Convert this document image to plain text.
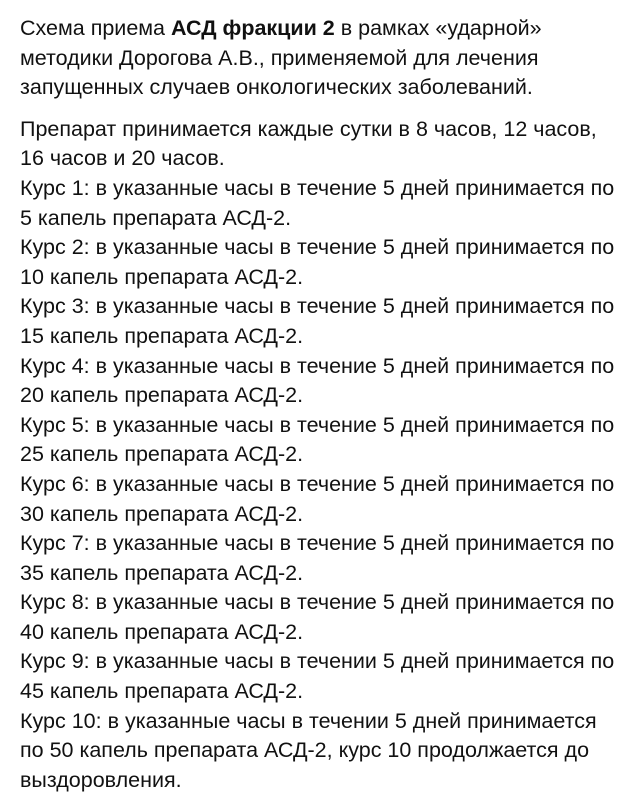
Схема приема АСД фракции 2 в рамках «ударной» методики Дорогова А.В., применяемой для лечения запущенных случаев онкологических заболеваний.

Препарат принимается каждые сутки в 8 часов, 12 часов, 16 часов и 20 часов.

Курс 1: в указанные часы в течение 5 дней принимается по 5 капель препарата АСД-2.

Курс 2: в указанные часы в течение 5 дней принимается по 10 капель препарата АСД-2.

Курс 3: в указанные часы в течение 5 дней принимается по 15 капель препарата АСД-2.

Курс 4: в указанные часы в течение 5 дней принимается по 20 капель препарата АСД-2.

Курс 5: в указанные часы в течение 5 дней принимается по 25 капель препарата АСД-2.

Курс 6: в указанные часы в течение 5 дней принимается по 30 капель препарата АСД-2.

Курс 7: в указанные часы в течение 5 дней принимается по 35 капель препарата АСД-2.

Курс 8: в указанные часы в течение 5 дней принимается по 40 капель препарата АСД-2.

Курс 9: в указанные часы в течении 5 дней принимается по 45 капель препарата АСД-2.

Курс 10: в указанные часы в течении 5 дней принимается по 50 капель препарата АСД-2, курс 10 продолжается до выздоровления.
